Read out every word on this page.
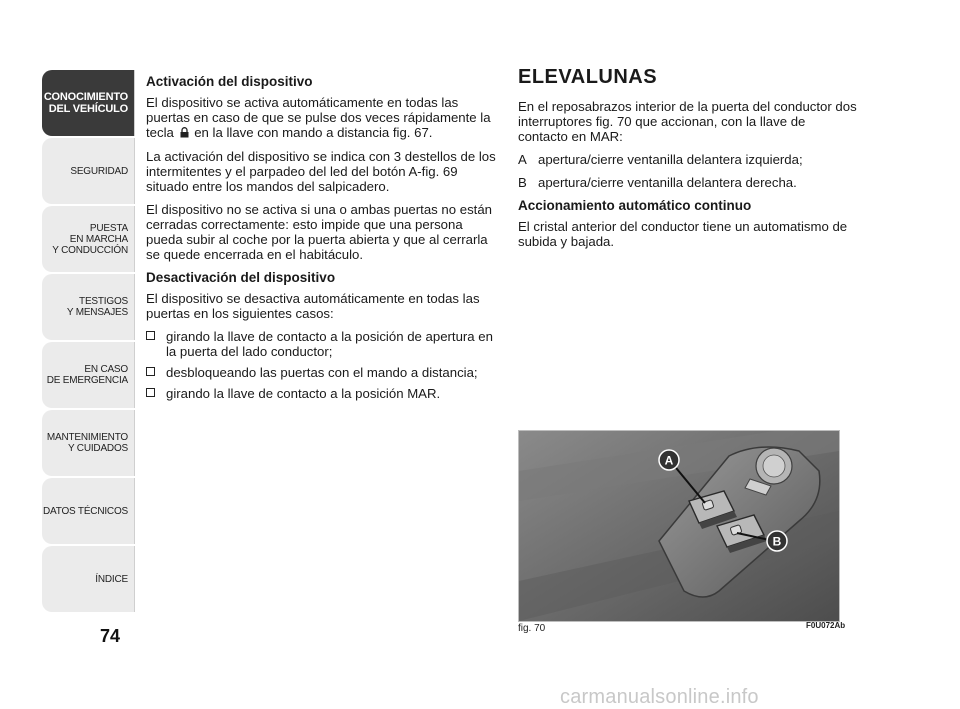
CONOCIMIENTO
DEL VEHÍCULO
SEGURIDAD
PUESTA
EN MARCHA
Y CONDUCCIÓN
TESTIGOS
Y MENSAJES
EN CASO
DE EMERGENCIA
MANTENIMIENTO
Y CUIDADOS
DATOS TÉCNICOS
ÍNDICE
74
Activación del dispositivo

El dispositivo se activa automáticamente en todas las puertas en caso de que se pulse dos veces rápidamente la tecla en la llave con mando a distancia fig. 67.

La activación del dispositivo se indica con 3 destellos de los intermitentes y el parpadeo del led del botón A-fig. 69 situado entre los mandos del salpicadero.

El dispositivo no se activa si una o ambas puertas no están cerradas correctamente: esto impide que una persona pueda subir al coche por la puerta abierta y que al cerrarla se quede encerrada en el habitáculo.

Desactivación del dispositivo

El dispositivo se desactiva automáticamente en todas las puertas en los siguientes casos:

girando la llave de contacto a la posición de apertura en la puerta del lado conductor;
desbloqueando las puertas con el mando a distancia;
girando la llave de contacto a la posición MAR.
ELEVALUNAS

En el reposabrazos interior de la puerta del conductor dos interruptores fig. 70 que accionan, con la llave de contacto en MAR:

A apertura/cierre ventanilla delantera izquierda;
B apertura/cierre ventanilla delantera derecha.
Accionamiento automático continuo

El cristal anterior del conductor tiene un automatismo de subida y bajada.

A
B
fig. 70	F0U072Ab
carmanualsonline.info
